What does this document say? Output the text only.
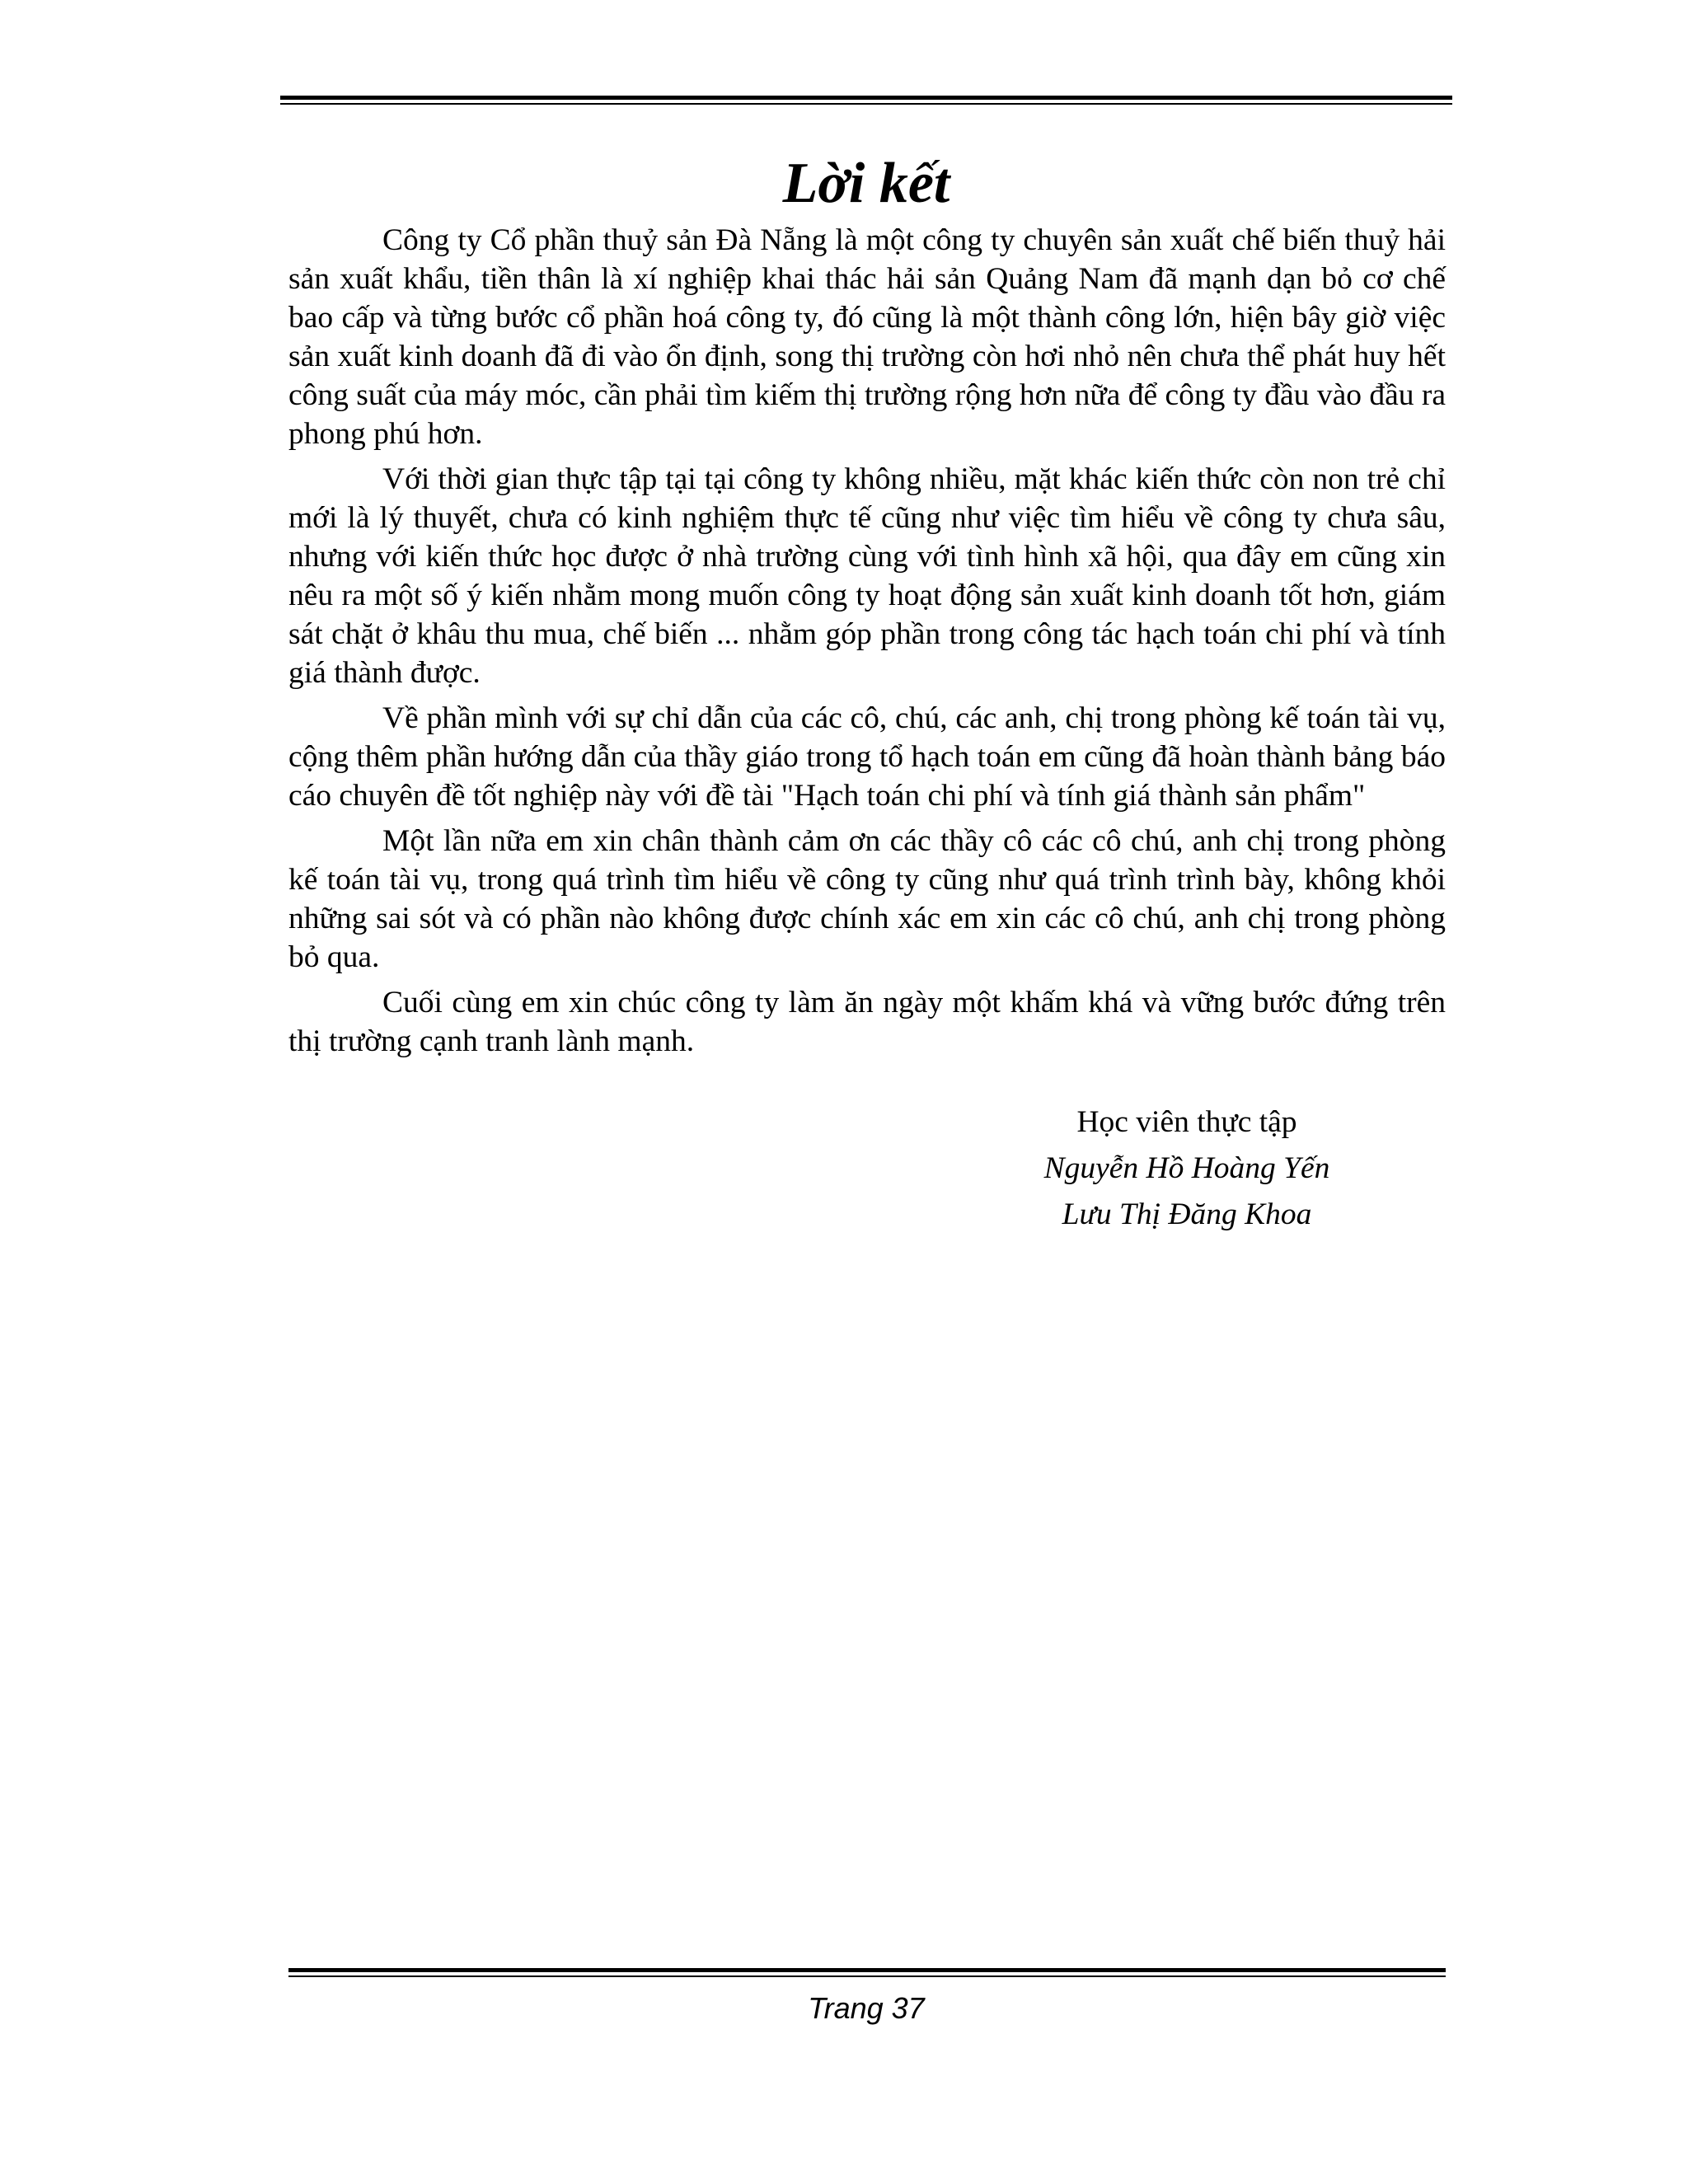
Lời kết

Công ty Cổ phần thuỷ sản Đà Nẵng là một công ty chuyên sản xuất chế biến thuỷ hải sản xuất khẩu, tiền thân là xí nghiệp khai thác hải sản Quảng Nam đã mạnh dạn bỏ cơ chế bao cấp và từng bước cổ phần hoá công ty, đó cũng là một thành công lớn, hiện bây giờ việc sản xuất kinh doanh đã đi vào ổn định, song thị trường còn hơi nhỏ nên chưa thể phát huy hết công suất của máy móc, cần phải tìm kiếm thị trường rộng hơn nữa để công ty đầu vào đầu ra phong phú hơn.

Với thời gian thực tập tại tại công ty không nhiều, mặt khác kiến thức còn non trẻ chỉ mới là lý thuyết, chưa có kinh nghiệm thực tế cũng như việc tìm hiểu về công ty chưa sâu, nhưng với kiến thức học được ở nhà trường cùng với tình hình xã hội, qua đây em cũng xin nêu ra một số ý kiến nhằm mong muốn công ty hoạt động sản xuất kinh doanh tốt hơn, giám sát chặt ở khâu thu mua, chế biến ... nhằm góp phần trong công tác hạch toán chi phí và tính giá thành được.

Về phần mình với sự chỉ dẫn của các cô, chú, các anh, chị trong phòng kế toán tài vụ, cộng thêm phần hướng dẫn của thầy giáo trong tổ hạch toán em cũng đã hoàn thành bảng báo cáo chuyên đề tốt nghiệp này với đề tài "Hạch toán chi phí và tính giá thành sản phẩm"

Một lần nữa em xin chân thành cảm ơn các thầy cô các cô chú, anh chị trong phòng kế toán tài vụ, trong quá trình tìm hiểu về công ty cũng như quá trình trình bày, không khỏi những sai sót và có phần nào không được chính xác em xin các cô chú, anh chị trong phòng bỏ qua.

Cuối cùng em xin chúc công ty làm ăn ngày một khấm khá và vững bước đứng trên thị trường cạnh tranh lành mạnh.

Học viên thực tập
Nguyễn Hồ Hoàng Yến
Lưu Thị Đăng Khoa
Trang 37
